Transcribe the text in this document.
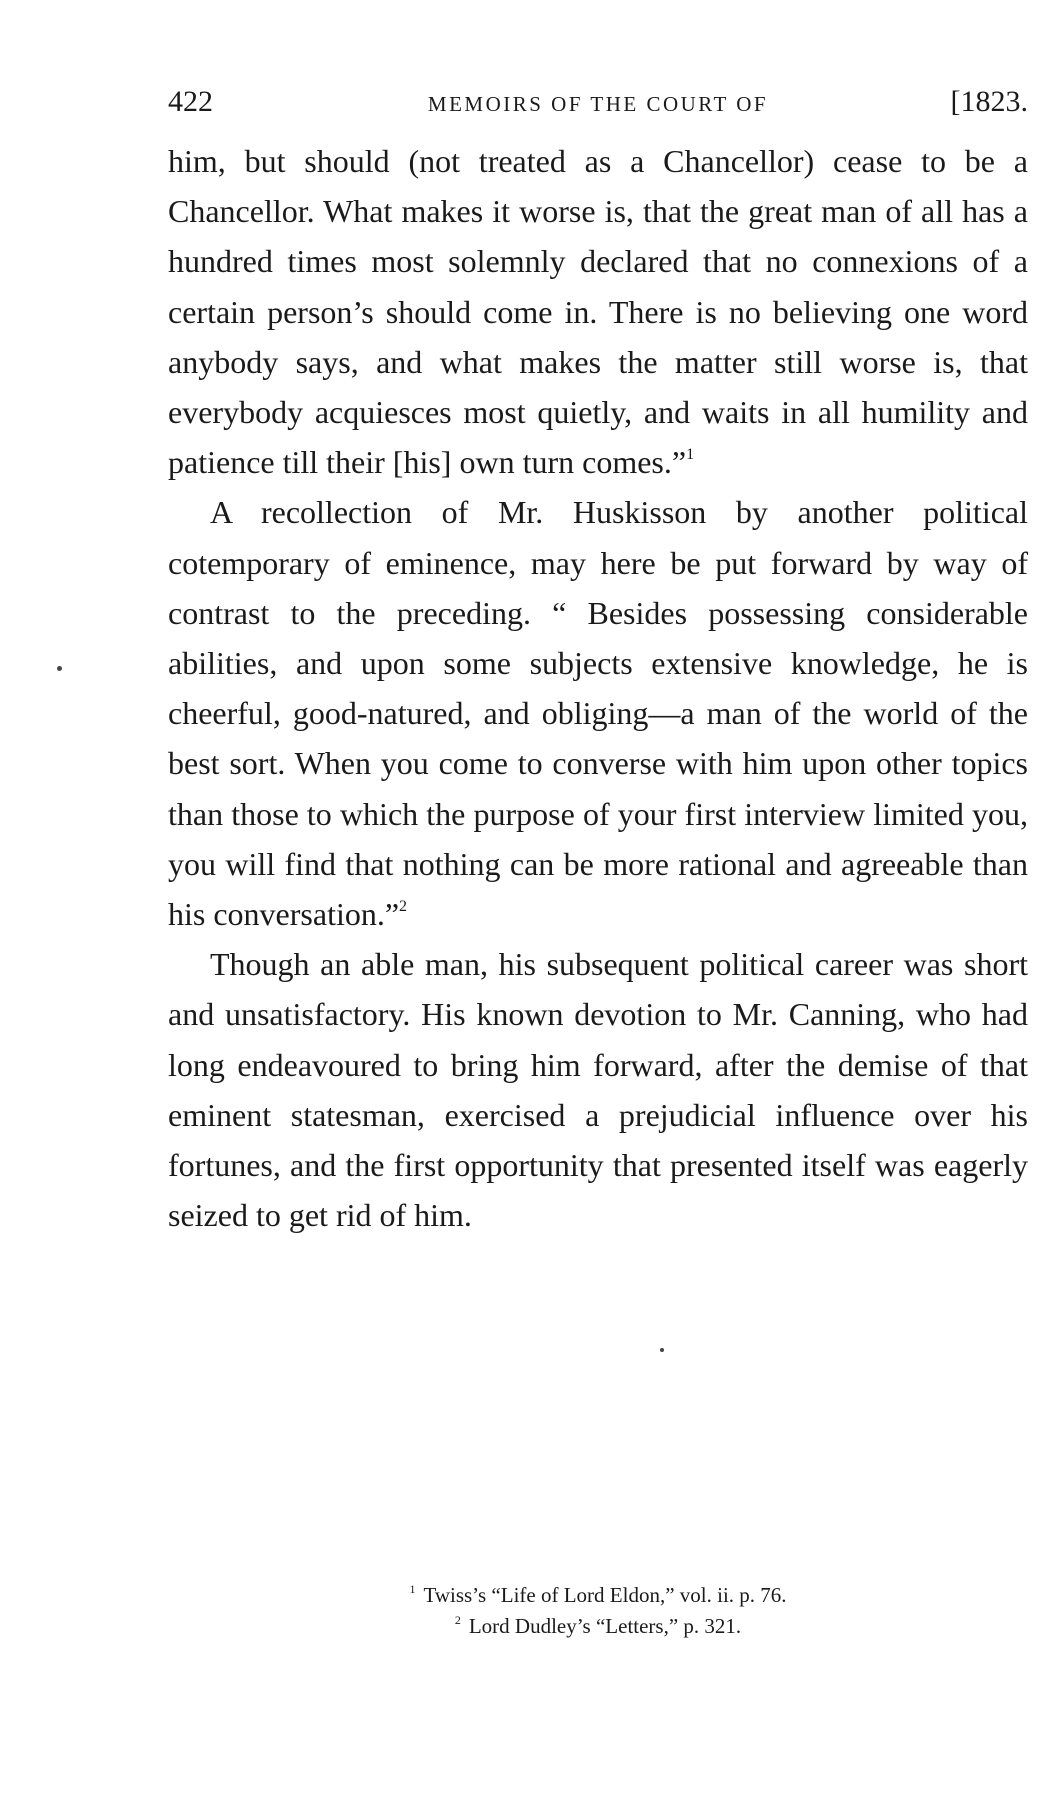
422	MEMOIRS OF THE COURT OF	[1823.

him, but should (not treated as a Chancellor) cease to be a Chancellor. What makes it worse is, that the great man of all has a hundred times most solemnly declared that no connexions of a certain person’s should come in. There is no believing one word anybody says, and what makes the matter still worse is, that everybody acquiesces most quietly, and waits in all humility and patience till their [his] own turn comes.”$^1$

A recollection of Mr. Huskisson by another political cotemporary of eminence, may here be put forward by way of contrast to the preceding. “ Besides possessing considerable abilities, and upon some subjects extensive knowledge, he is cheerful, good-natured, and obliging—a man of the world of the best sort. When you come to converse with him upon other topics than those to which the purpose of your first interview limited you, you will find that nothing can be more rational and agreeable than his conversation.”$^2$

Though an able man, his subsequent political career was short and unsatisfactory. His known devotion to Mr. Canning, who had long endeavoured to bring him forward, after the demise of that eminent statesman, exercised a prejudicial influence over his fortunes, and the first opportunity that presented itself was eagerly seized to get rid of him.

$^1$ Twiss’s “Life of Lord Eldon,” vol. ii. p. 76.
$^2$ Lord Dudley’s “Letters,” p. 321.
